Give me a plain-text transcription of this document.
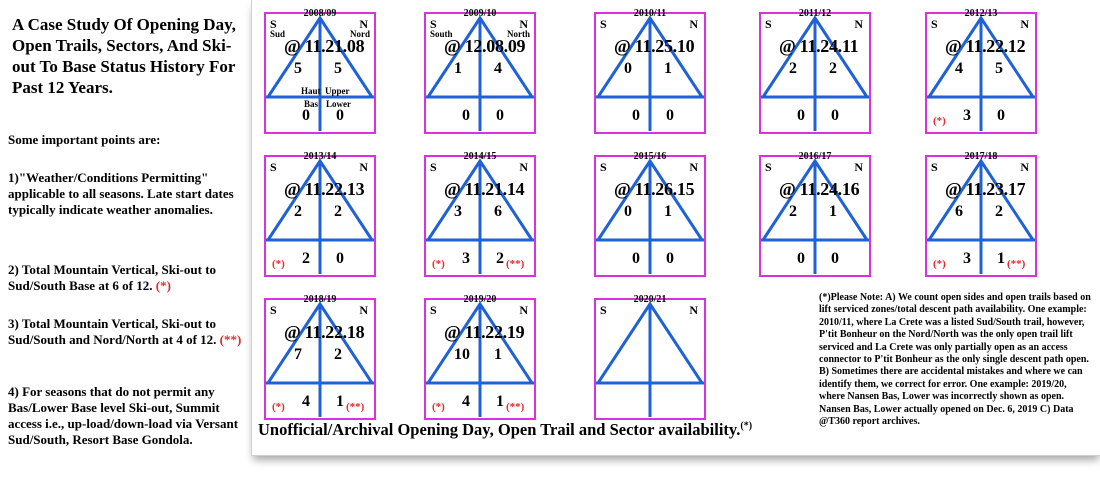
A Case Study Of Opening Day, Open Trails, Sectors, And Ski-out To Base Status History For Past 12 Years.
Some important points are:
1)"Weather/Conditions Permitting" applicable to all seasons. Late start dates typically indicate weather anomalies.
2) Total Mountain Vertical, Ski-out to Sud/South Base at 6 of 12. (*)
3) Total Mountain Vertical, Ski-out to Sud/South and Nord/North at 4 of 12. (**)
4) For seasons that do not permit any Bas/Lower Base level Ski-out, Summit access i.e., up-load/down-load via Versant Sud/South, Resort Base Gondola.
2008/09
S	N
Sud	Nord
@ 11.21.08
5 5
0 0
Haut Upper
Bas Lower
2009/10
S	N
South	North
@ 12.08.09
1 4
0 0
2010/11
S	N
@ 11.25.10
0 1
0 0
2011/12
S	N
@ 11.24.11
2 2
0 0
2012/13
S	N
@ 11.22.12
4 5
3 0
(*)
2013/14
S	N
@ 11.22.13
2 2
2 0
(*)
2014/15
S	N
@ 11.21.14
3 6
3 2
(*)	(**)
2015/16
S	N
@ 11.26.15
0 1
0 0
2016/17
S	N
@ 11.24.16
2 1
0 0
2017/18
S	N
@ 11.23.17
6 2
3 1
(*)	(**)
2018/19
S	N
@ 11.22.18
7 2
4 1
(*)	(**)
2019/20
S	N
@ 11.22.19
10 1
4 1
(*)	(**)
2020/21
S	N
Unofficial/Archival Opening Day, Open Trail and Sector availability.(*)
(*)Please Note: A) We count open sides and open trails based on lift serviced zones/total descent path availability. One example: 2010/11, where La Crete was a listed Sud/South trail, however, P'tit Bonheur on the Nord/North was the only open trail lift serviced and La Crete was only partially open as an access connector to P'tit Bonheur as the only single descent path open. B) Sometimes there are accidental mistakes and where we can identify them, we correct for error. One example: 2019/20, where Nansen Bas, Lower was incorrectly shown as open. Nansen Bas, Lower actually opened on Dec. 6, 2019 C) Data @T360 report archives.
